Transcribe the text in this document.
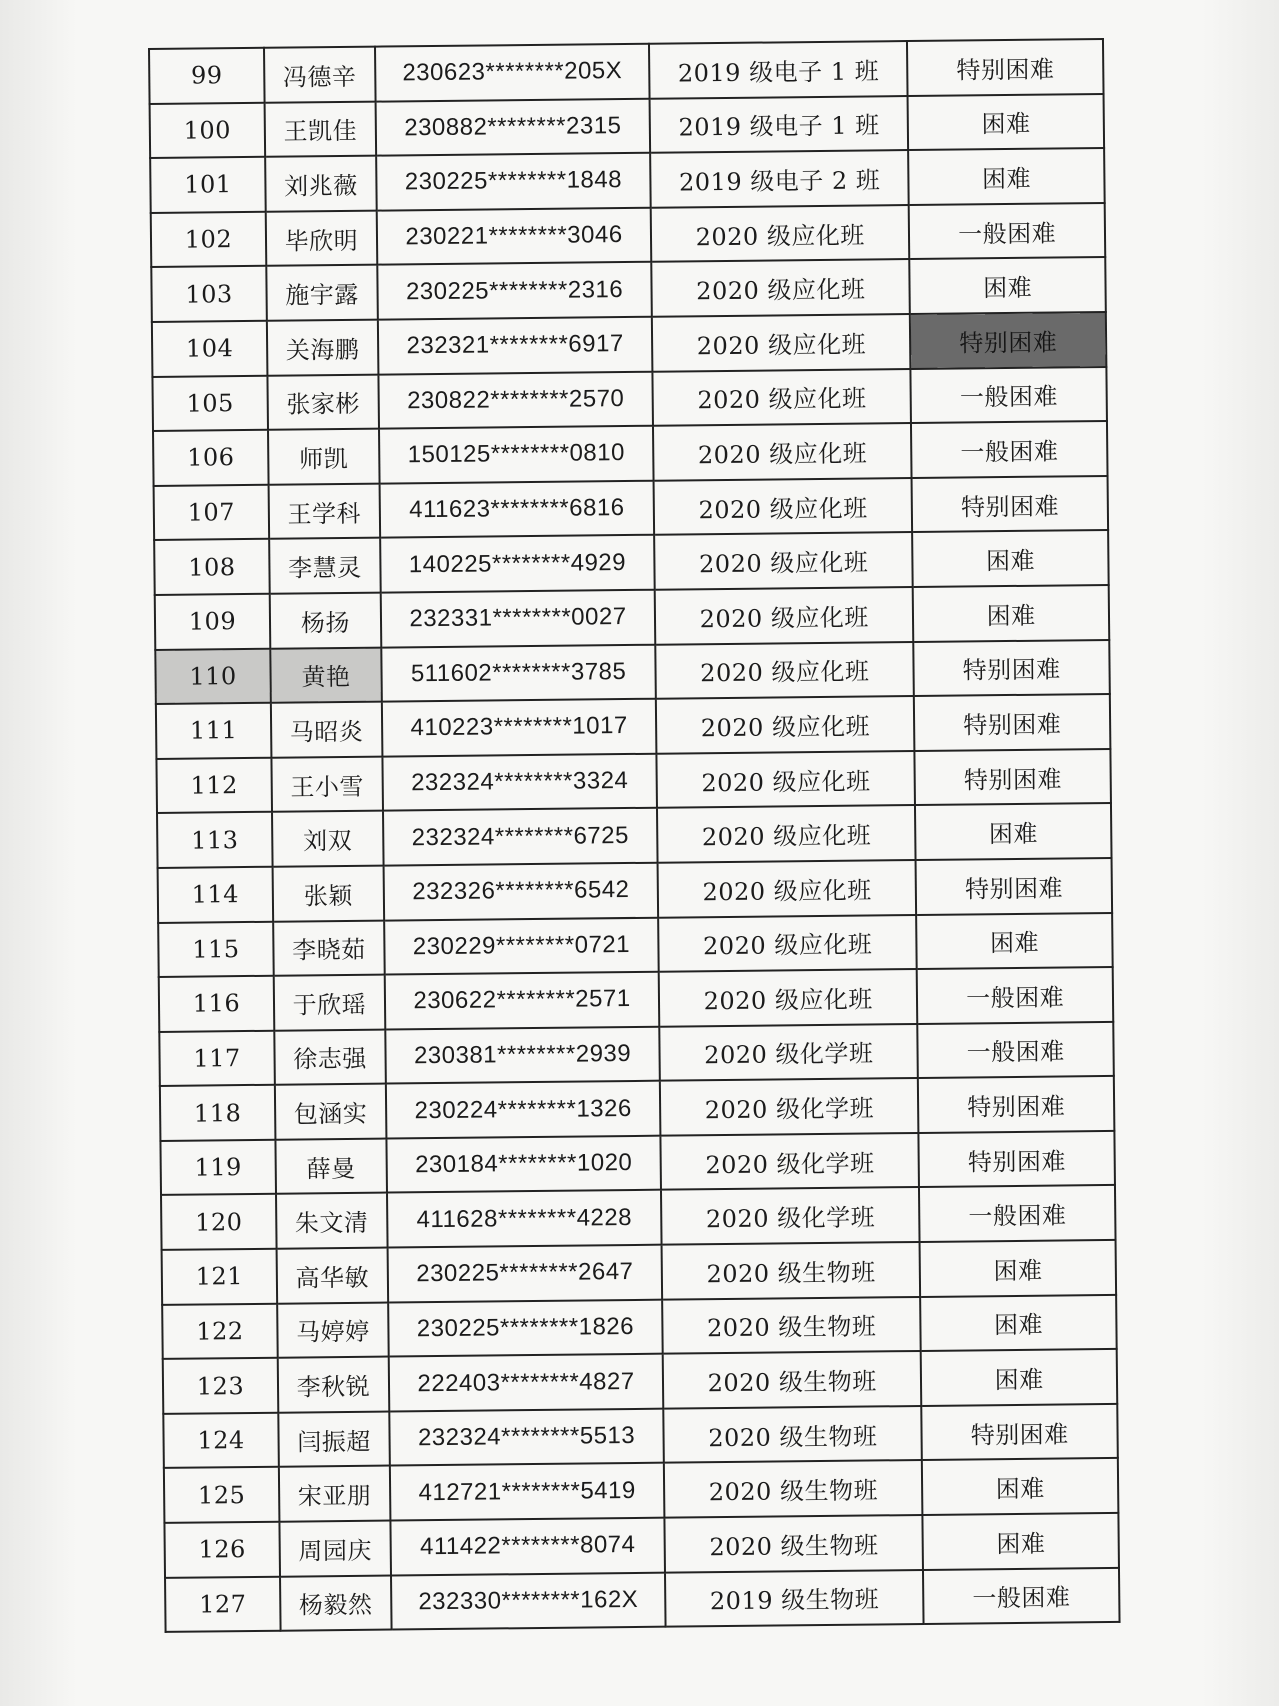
99	冯德辛	230623********205X	2019 级电子 1 班	特别困难
100	王凯佳	230882********2315	2019 级电子 1 班	困难
101	刘兆薇	230225********1848	2019 级电子 2 班	困难
102	毕欣明	230221********3046	2020 级应化班	一般困难
103	施宇露	230225********2316	2020 级应化班	困难
104	关海鹏	232321********6917	2020 级应化班	特别困难
105	张家彬	230822********2570	2020 级应化班	一般困难
106	师凯	150125********0810	2020 级应化班	一般困难
107	王学科	411623********6816	2020 级应化班	特别困难
108	李慧灵	140225********4929	2020 级应化班	困难
109	杨扬	232331********0027	2020 级应化班	困难
110	黄艳	511602********3785	2020 级应化班	特别困难
111	马昭炎	410223********1017	2020 级应化班	特别困难
112	王小雪	232324********3324	2020 级应化班	特别困难
113	刘双	232324********6725	2020 级应化班	困难
114	张颖	232326********6542	2020 级应化班	特别困难
115	李晓茹	230229********0721	2020 级应化班	困难
116	于欣瑶	230622********2571	2020 级应化班	一般困难
117	徐志强	230381********2939	2020 级化学班	一般困难
118	包涵实	230224********1326	2020 级化学班	特别困难
119	薛曼	230184********1020	2020 级化学班	特别困难
120	朱文清	411628********4228	2020 级化学班	一般困难
121	高华敏	230225********2647	2020 级生物班	困难
122	马婷婷	230225********1826	2020 级生物班	困难
123	李秋锐	222403********4827	2020 级生物班	困难
124	闫振超	232324********5513	2020 级生物班	特别困难
125	宋亚朋	412721********5419	2020 级生物班	困难
126	周园庆	411422********8074	2020 级生物班	困难
127	杨毅然	232330********162X	2019 级生物班	一般困难
